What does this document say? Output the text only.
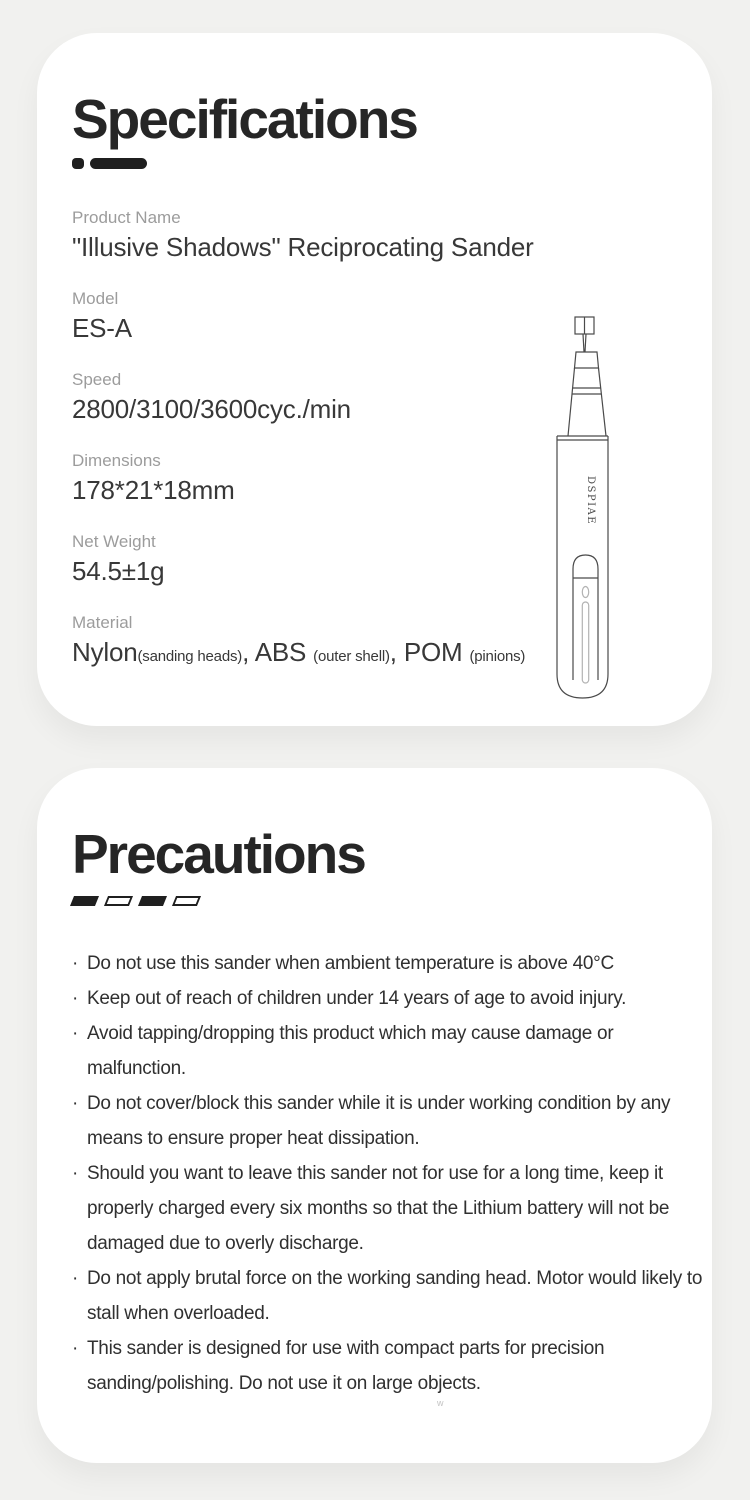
Specifications
Product Name
"Illusive Shadows" Reciprocating Sander
Model
ES-A
Speed
2800/3100/3600cyc./min
Dimensions
178*21*18mm
Net Weight
54.5±1g
Material
Nylon(sanding heads), ABS (outer shell), POM (pinions)
DSPIAE
Precautions
· Do not use this sander when ambient temperature is above 40°C
· Keep out of reach of children under 14 years of age to avoid injury.
· Avoid tapping/dropping this product which may cause damage or malfunction.
· Do not cover/block this sander while it is under working condition by any means to ensure proper heat dissipation.
· Should you want to leave this sander not for use for a long time, keep it properly charged every six months so that the Lithium battery will not be damaged due to overly discharge.
· Do not apply brutal force on the working sanding head. Motor would likely to stall when overloaded.
· This sander is designed for use with compact parts for precision sanding/polishing. Do not use it on large objects.
w
